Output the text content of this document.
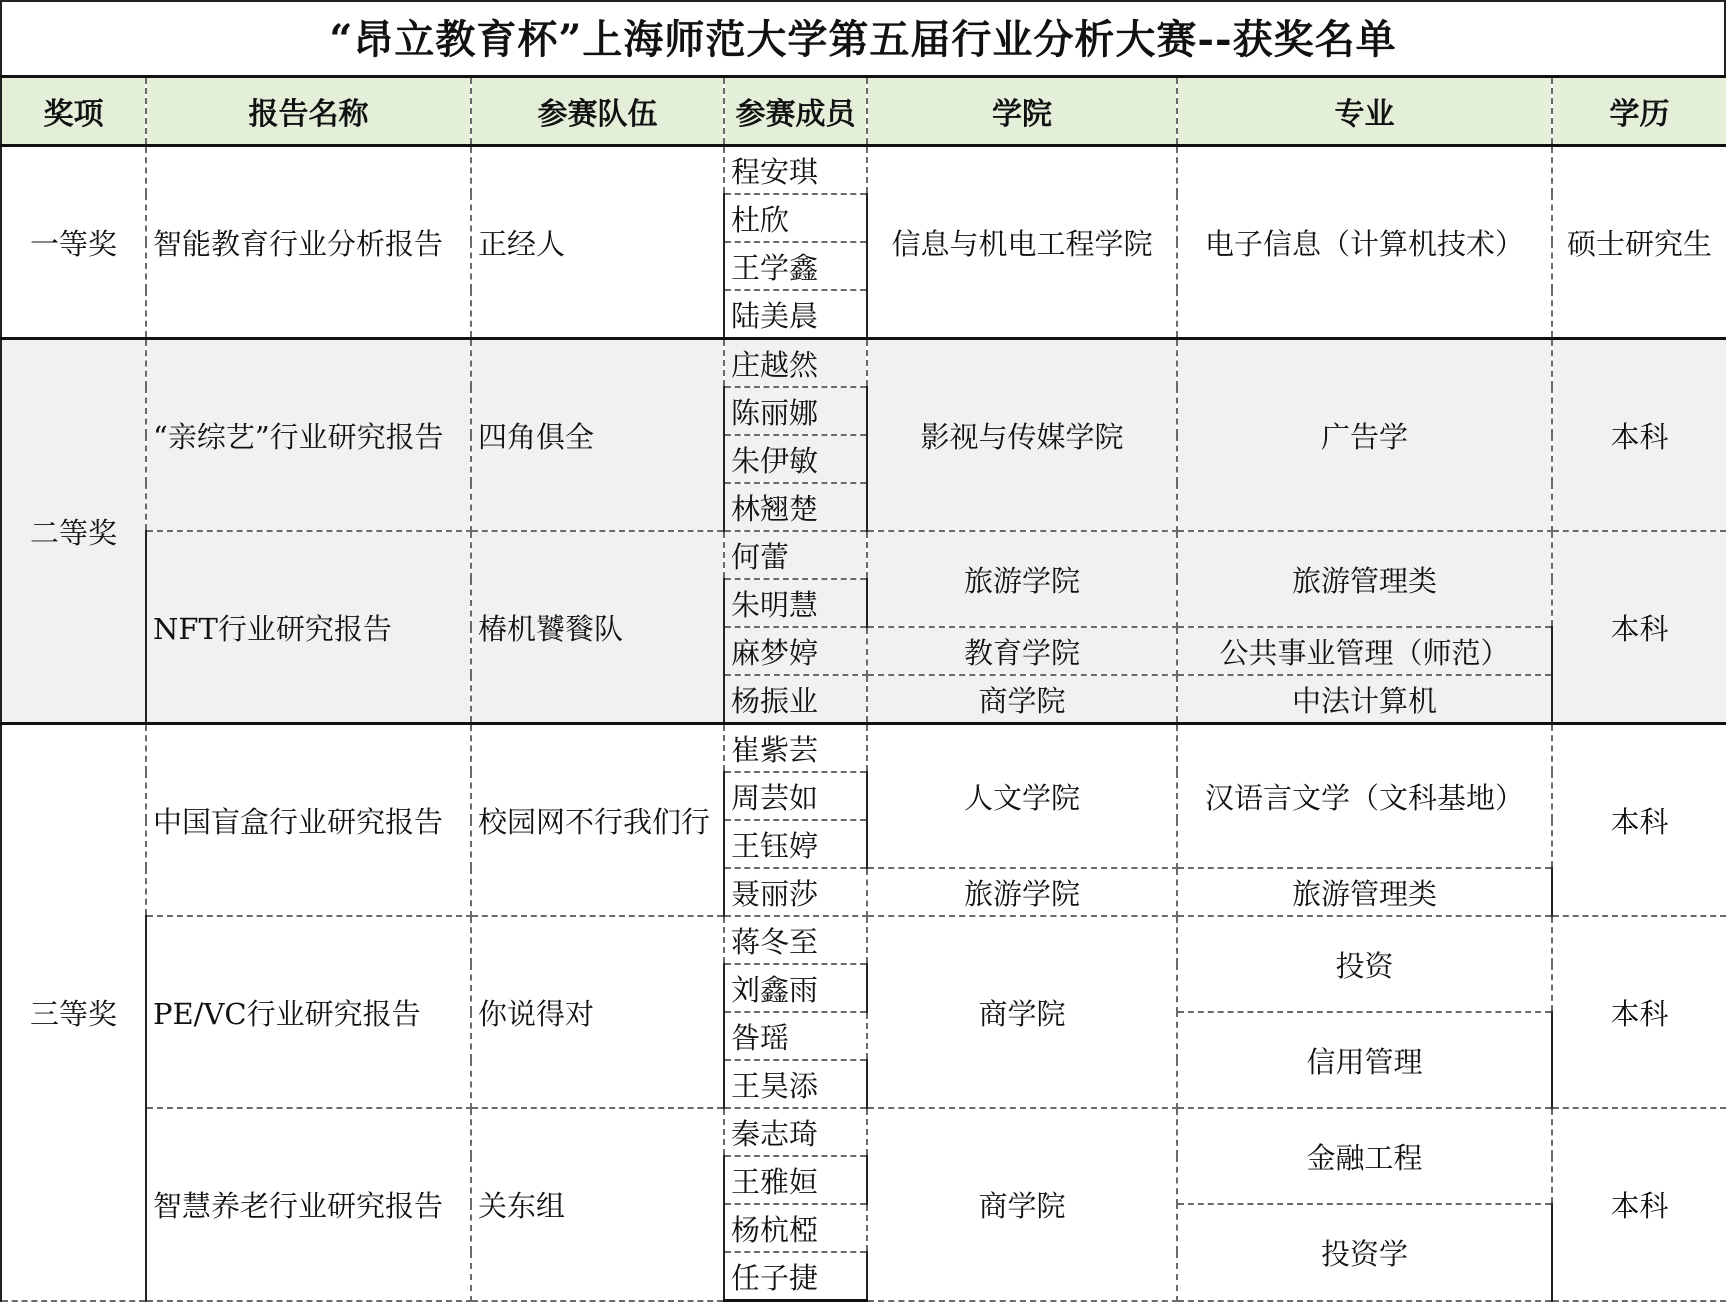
“昂立教育杯”上海师范大学第五届行业分析大赛--获奖名单
奖项	报告名称	参赛队伍	参赛成员	学院	专业	学历
一等奖	智能教育行业分析报告	正经人	程安琪	信息与机电工程学院	电子信息（计算机技术）	硕士研究生
			杜欣			
			王学鑫			
			陆美晨			
二等奖	“亲综艺”行业研究报告	四角俱全	庄越然	影视与传媒学院	广告学	本科
			陈丽娜			
			朱伊敏			
			林翘楚			
	NFT行业研究报告	椿机饕餮队	何蕾	旅游学院	旅游管理类	本科
			朱明慧			
			麻梦婷	教育学院	公共事业管理（师范）	
			杨振业	商学院	中法计算机	
三等奖	中国盲盒行业研究报告	校园网不行我们行	崔紫芸	人文学院	汉语言文学（文科基地）	本科
			周芸如			
			王钰婷			
			聂丽莎	旅游学院	旅游管理类	
	PE/VC行业研究报告	你说得对	蒋冬至	商学院	投资	本科
			刘鑫雨			
			昝瑶		信用管理	
			王昊添			
	智慧养老行业研究报告	关东组	秦志琦	商学院	金融工程	本科
			王雅姮			
			杨杭椏		投资学	
			任子捷			
